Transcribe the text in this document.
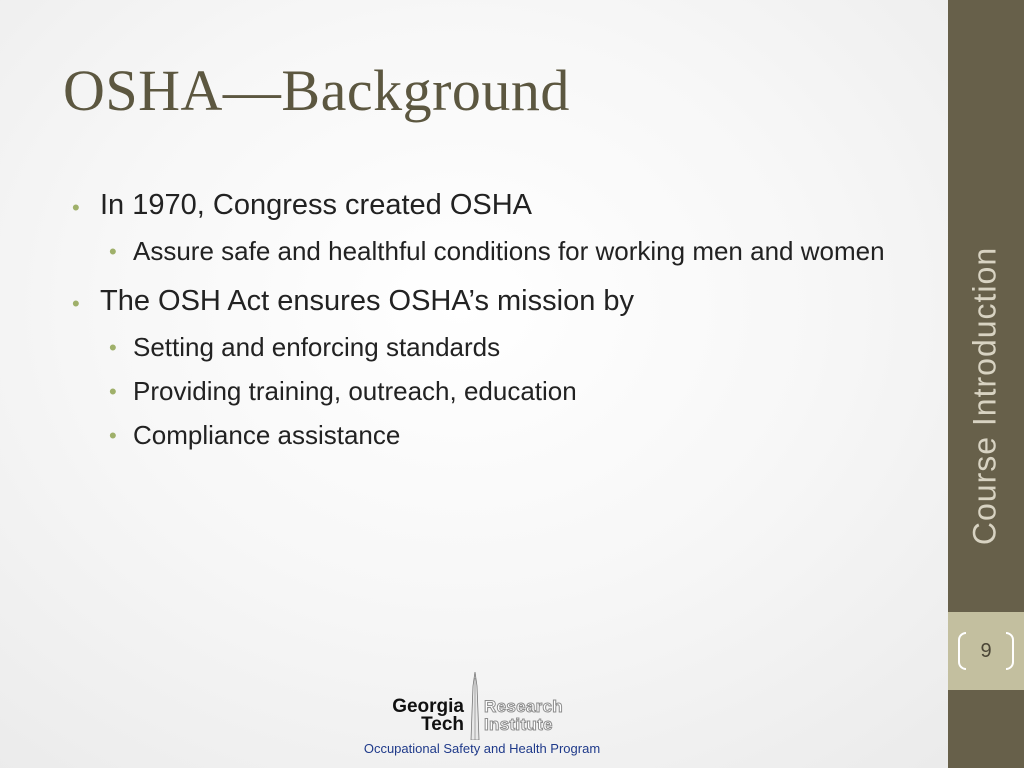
OSHA—Background
• In 1970, Congress created OSHA
• Assure safe and healthful conditions for working men and women
• The OSH Act ensures OSHA’s mission by
• Setting and enforcing standards
• Providing training, outreach, education
• Compliance assistance	Course Introduction
9
Georgia
Tech
Research
Institute
Occupational Safety and Health Program
